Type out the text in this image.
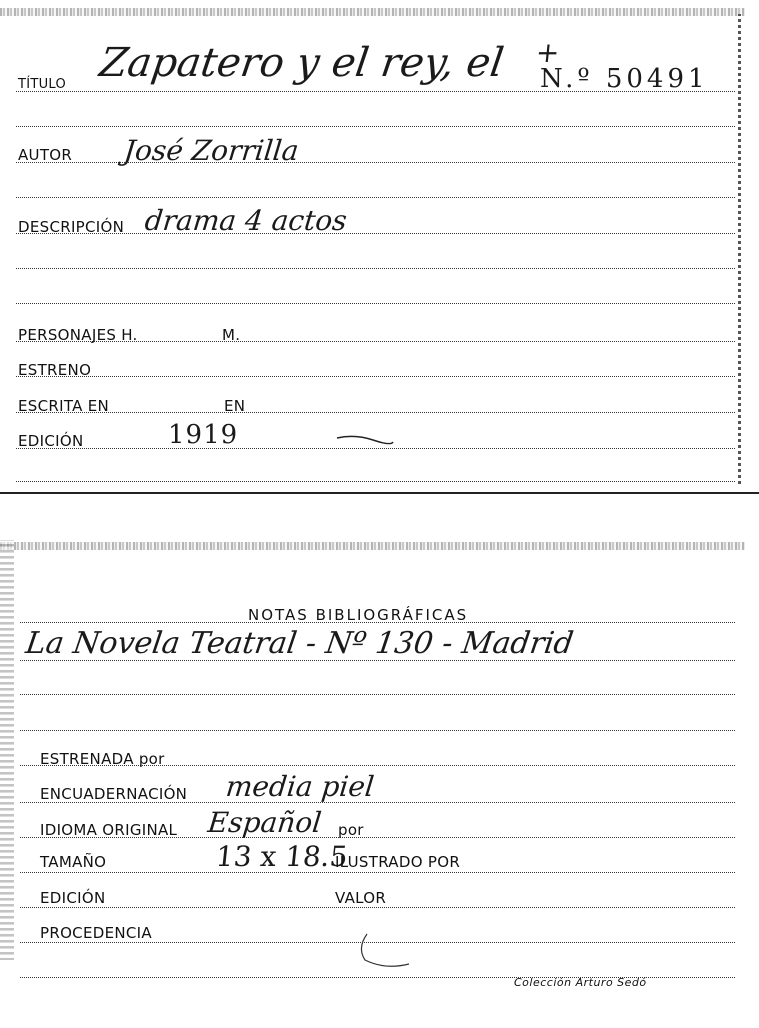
TÍTULO Zapatero y el rey, el +
N.º 50491
AUTOR José Zorrilla
DESCRIPCIÓN drama 4 actos
PERSONAJES H.	M.
ESTRENO
ESCRITA EN	EN
EDICIÓN	1919
NOTAS BIBLIOGRÁFICAS
La Novela Teatral - Nº 130 - Madrid
ESTRENADA por
ENCUADERNACIÓN media piel
IDIOMA ORIGINAL Español por
TAMAÑO	13 x 18.5
ILUSTRADO POR
EDICIÓN	VALOR
PROCEDENCIA
Colección Arturo Sedó
